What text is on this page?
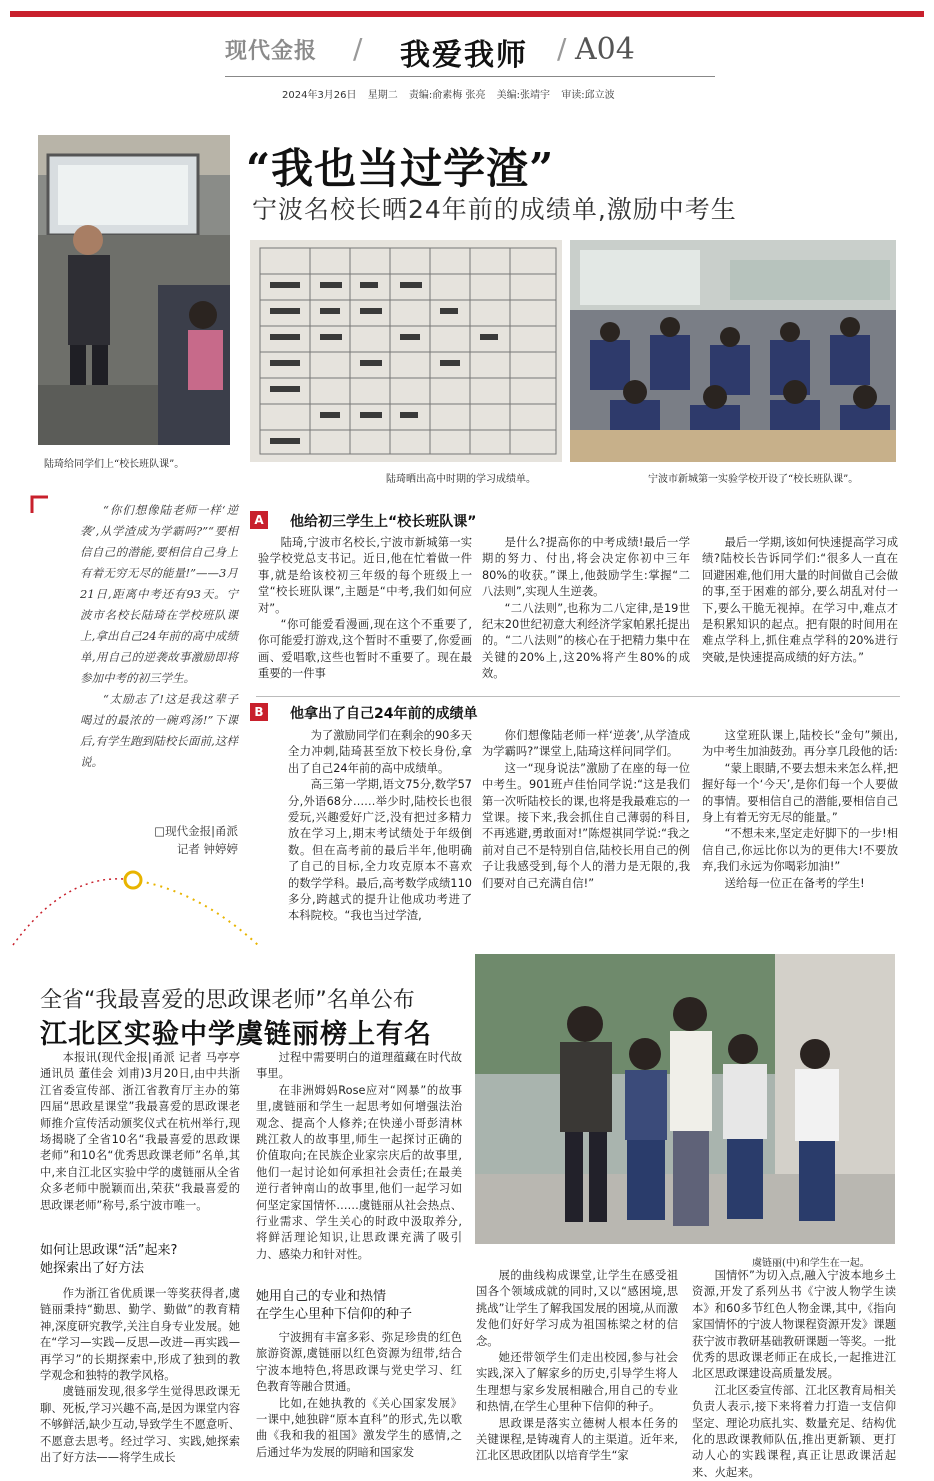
现代金报 / 我爱我师 / A04
2024年3月26日 星期二 责编:俞素梅 张亮 美编:张靖宇 审读:邱立波
陆琦给同学们上“校长班队课”。
“我也当过学渣”
宁波名校长晒24年前的成绩单,激励中考生
陆琦晒出高中时期的学习成绩单。	宁波市新城第一实验学校开设了“校长班队课”。

“你们想像陆老师一样‘逆袭’,从学渣成为学霸吗?”“要相信自己的潜能,要相信自己身上有着无穷无尽的能量!”——3月21日,距离中考还有93天。宁波市名校长陆琦在学校班队课上,拿出自己24年前的高中成绩单,用自己的逆袭故事激励即将参加中考的初三学生。

“太励志了!这是我这辈子喝过的最浓的一碗鸡汤!”下课后,有学生跑到陆校长面前,这样说。

□现代金报|甬派
记者 钟婷婷
A	他给初三学生上“校长班队课”

陆琦,宁波市名校长,宁波市新城第一实验学校党总支书记。近日,他在忙着做一件事,就是给该校初三年级的每个班级上一堂“校长班队课”,主题是“中考,我们如何应对”。

“你可能爱看漫画,现在这个不重要了,你可能爱打游戏,这个暂时不重要了,你爱画画、爱唱歌,这些也暂时不重要了。现在最重要的一件事

是什么?提高你的中考成绩!最后一学期的努力、付出,将会决定你初中三年80%的收获。”课上,他鼓励学生:掌握“二八法则”,实现人生逆袭。

“二八法则”,也称为二八定律,是19世纪末20世纪初意大利经济学家帕累托提出的。“二八法则”的核心在于把精力集中在关键的20%上,这20%将产生80%的成效。

最后一学期,该如何快速提高学习成绩?陆校长告诉同学们:“很多人一直在回避困难,他们用大量的时间做自己会做的事,至于困难的部分,要么胡乱对付一下,要么干脆无视掉。在学习中,难点才是积累知识的起点。把有限的时间用在难点学科上,抓住难点学科的20%进行突破,是快速提高成绩的好方法。”

B	他拿出了自己24年前的成绩单

为了激励同学们在剩余的90多天全力冲刺,陆琦甚至放下校长身份,拿出了自己24年前的高中成绩单。

高三第一学期,语文75分,数学57分,外语68分……举少时,陆校长也很爱玩,兴趣爱好广泛,没有把过多精力放在学习上,期末考试绩处于年级倒数。但在高考前的最后半年,他明确了自己的目标,全力攻克原本不喜欢的数学学科。最后,高考数学成绩110多分,跨越式的提升让他成功考进了本科院校。“我也当过学渣,

你们想像陆老师一样‘逆袭’,从学渣成为学霸吗?”课堂上,陆琦这样问同学们。

这一“现身说法”激励了在座的每一位中考生。901班卢佳怡同学说:“这是我们第一次听陆校长的课,也将是我最难忘的一堂课。接下来,我会抓住自己薄弱的科目,不再逃避,勇敢面对!”陈煜祺同学说:“我之前对自己不是特别自信,陆校长用自己的例子让我感受到,每个人的潜力是无限的,我们要对自己充满自信!”

这堂班队课上,陆校长“金句”频出,为中考生加油鼓劲。再分享几段他的话:

“蒙上眼睛,不要去想未来怎么样,把握好每一个‘今天’,是你们每一个人要做的事情。要相信自己的潜能,要相信自己身上有着无穷无尽的能量。”

“不想未来,坚定走好脚下的一步!相信自己,你远比你以为的更伟大!不要放弃,我们永远为你喝彩加油!”

送给每一位正在备考的学生!

全省“我最喜爱的思政课老师”名单公布
江北区实验中学虞链丽榜上有名
虞链丽(中)和学生在一起。

本报讯(现代金报|甬派 记者 马亭亭 通讯员 董佳会 刘甫)3月20日,由中共浙江省委宣传部、浙江省教育厅主办的第四届“思政星课堂”我最喜爱的思政课老师推介宣传活动颁奖仪式在杭州举行,现场揭晓了全省10名“我最喜爱的思政课老师”和10名“优秀思政课老师”名单,其中,来自江北区实验中学的虞链丽从全省众多老师中脱颖而出,荣获“我最喜爱的思政课老师”称号,系宁波市唯一。

如何让思政课“活”起来?
她探索出了好方法

作为浙江省优质课一等奖获得者,虞链丽秉持“勤思、勤学、勤做”的教育精神,深度研究教学,关注自身专业发展。她在“学习—实践—反思—改进—再实践—再学习”的长期探索中,形成了独到的教学观念和独特的教学风格。

虞链丽发现,很多学生觉得思政课无聊、死板,学习兴趣不高,是因为课堂内容不够鲜活,缺少互动,导致学生不愿意听、不愿意去思考。经过学习、实践,她探索出了好方法——将学生成长

过程中需要明白的道理蕴藏在时代故事里。

在非洲姆妈Rose应对“网暴”的故事里,虞链丽和学生一起思考如何增强法治观念、提高个人修养;在快递小哥彭清林跳江救人的故事里,师生一起探讨正确的价值取向;在民族企业家宗庆后的故事里,他们一起讨论如何承担社会责任;在最美逆行者钟南山的故事里,他们一起学习如何坚定家国情怀……虞链丽从社会热点、行业需求、学生关心的时政中汲取养分,将鲜活理论知识,让思政课充满了吸引力、感染力和针对性。

她用自己的专业和热情
在学生心里种下信仰的种子

宁波拥有丰富多彩、弥足珍贵的红色旅游资源,虞链丽以红色资源为纽带,结合宁波本地特色,将思政课与党史学习、红色教育等融合贯通。

比如,在她执教的《关心国家发展》一课中,她独辟“原本直科”的形式,先以歌曲《我和我的祖国》激发学生的感情,之后通过华为发展的阴暗和国家发

展的曲线构成课堂,让学生在感受祖国各个领域成就的同时,又以“感困境,思挑战”让学生了解我国发展的困境,从而激发他们好好学习成为祖国栋梁之材的信念。

她还带领学生们走出校园,参与社会实践,深入了解家乡的历史,引导学生将人生理想与家乡发展相融合,用自己的专业和热情,在学生心里种下信仰的种子。

思政课是落实立德树人根本任务的关键课程,是铸魂育人的主渠道。近年来,江北区思政团队以培育学生“家

国情怀”为切入点,融入宁波本地乡土资源,开发了系列丛书《宁波人物学生读本》和60多节红色人物金课,其中,《指向家国情怀的宁波人物课程资源开发》课题获宁波市教研基础教研课题一等奖。一批优秀的思政课老师正在成长,一起推进江北区思政课建设高质量发展。

江北区委宣传部、江北区教育局相关负责人表示,接下来将着力打造一支信仰坚定、理论功底扎实、数量充足、结构优化的思政课教师队伍,推出更新颖、更打动人心的实践课程,真正让思政课活起来、火起来。
